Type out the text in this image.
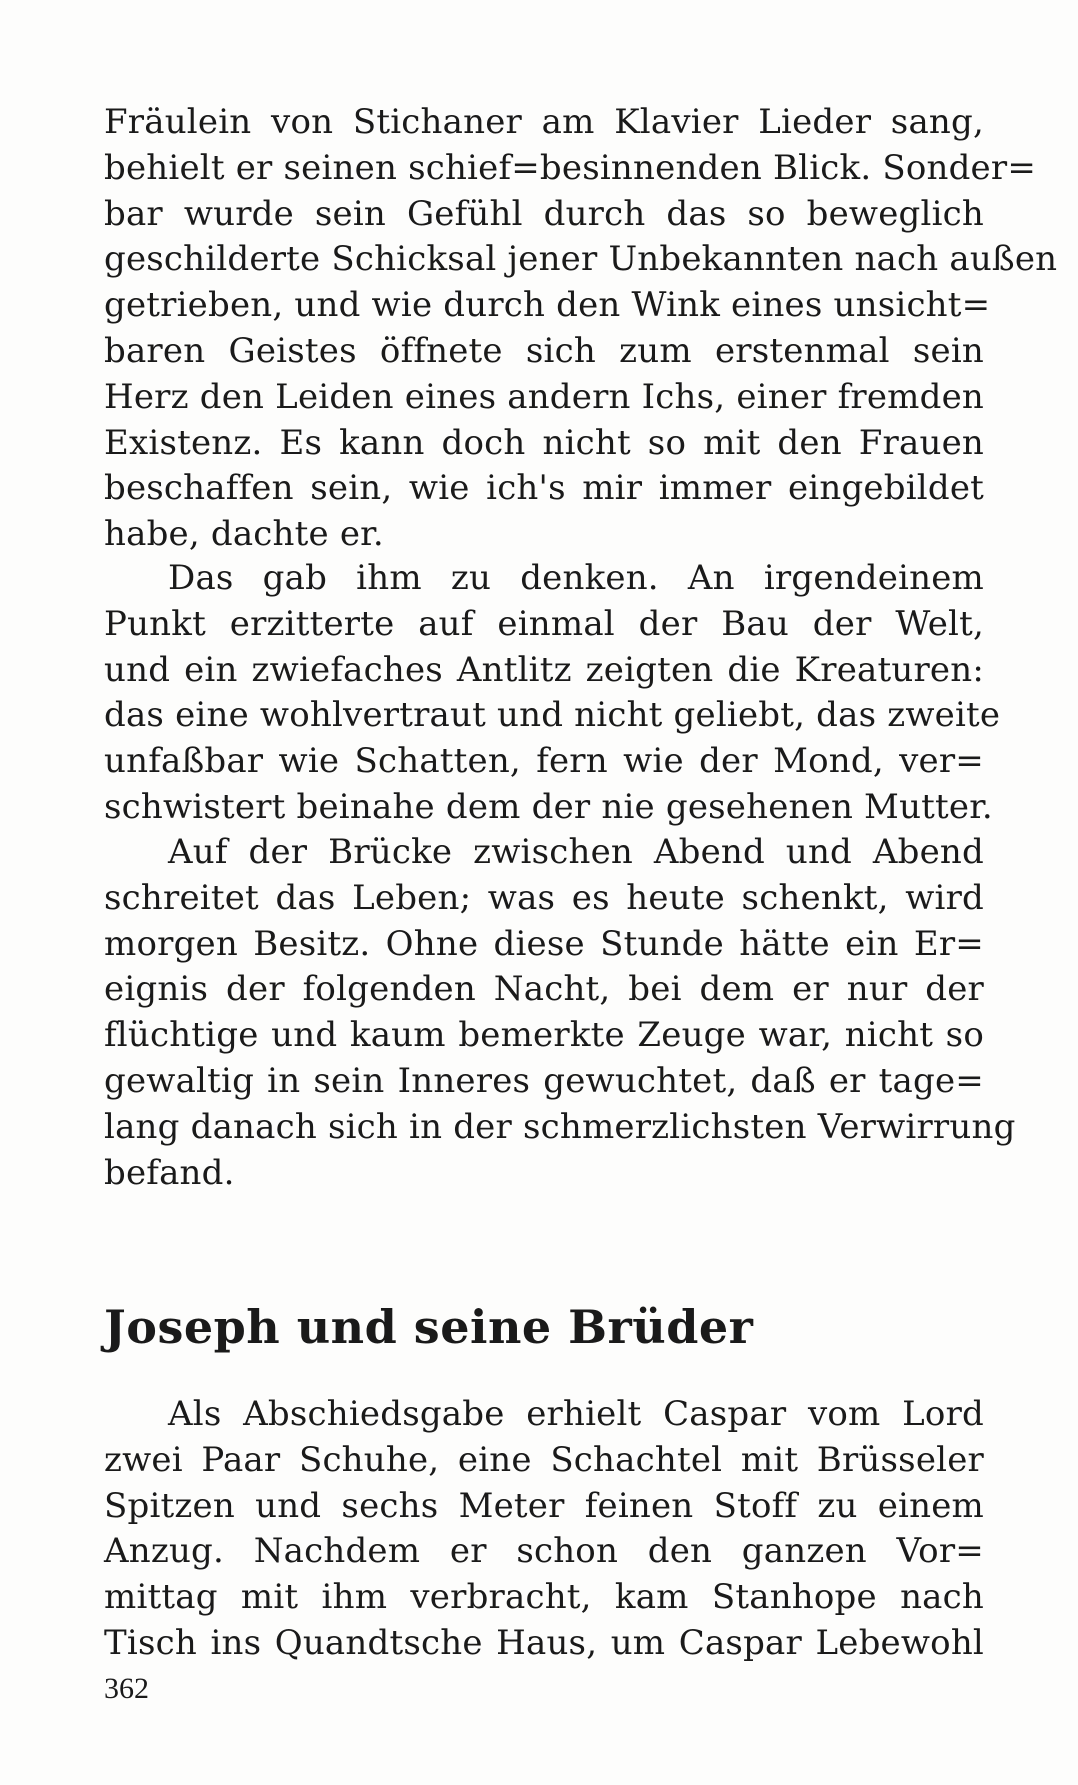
Fräulein von Stichaner am Klavier Lieder sang,
behielt er seinen schief=besinnenden Blick. Sonder=
bar wurde sein Gefühl durch das so beweglich
geschilderte Schicksal jener Unbekannten nach außen
getrieben, und wie durch den Wink eines unsicht=
baren Geistes öffnete sich zum erstenmal sein
Herz den Leiden eines andern Ichs, einer fremden
Existenz. Es kann doch nicht so mit den Frauen
beschaffen sein, wie ich's mir immer eingebildet
habe, dachte er.
Das gab ihm zu denken. An irgendeinem
Punkt erzitterte auf einmal der Bau der Welt,
und ein zwiefaches Antlitz zeigten die Kreaturen:
das eine wohlvertraut und nicht geliebt, das zweite
unfaßbar wie Schatten, fern wie der Mond, ver=
schwistert beinahe dem der nie gesehenen Mutter.
Auf der Brücke zwischen Abend und Abend
schreitet das Leben; was es heute schenkt, wird
morgen Besitz. Ohne diese Stunde hätte ein Er=
eignis der folgenden Nacht, bei dem er nur der
flüchtige und kaum bemerkte Zeuge war, nicht so
gewaltig in sein Inneres gewuchtet, daß er tage=
lang danach sich in der schmerzlichsten Verwirrung
befand.
Joseph und seine Brüder
Als Abschiedsgabe erhielt Caspar vom Lord
zwei Paar Schuhe, eine Schachtel mit Brüsseler
Spitzen und sechs Meter feinen Stoff zu einem
Anzug. Nachdem er schon den ganzen Vor=
mittag mit ihm verbracht, kam Stanhope nach
Tisch ins Quandtsche Haus, um Caspar Lebewohl
362
